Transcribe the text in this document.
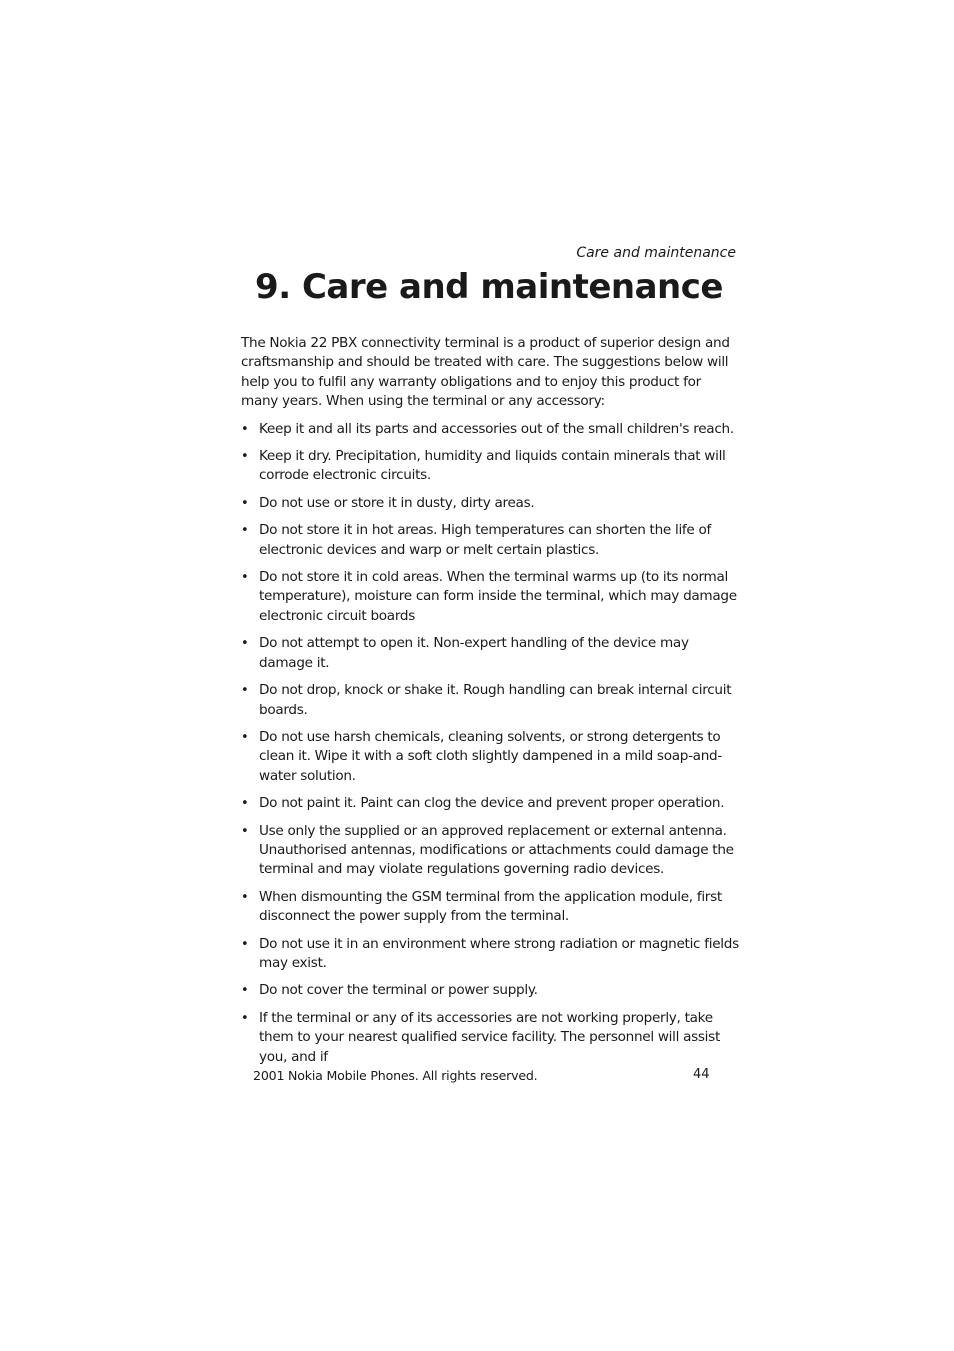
Care and maintenance
9. Care and maintenance

The Nokia 22 PBX connectivity terminal is a product of superior design and craftsmanship and should be treated with care. The suggestions below will help you to fulfil any warranty obligations and to enjoy this product for many years. When using the terminal or any accessory:

• Keep it and all its parts and accessories out of the small children's reach.
• Keep it dry. Precipitation, humidity and liquids contain minerals that will corrode electronic circuits.
• Do not use or store it in dusty, dirty areas.
• Do not store it in hot areas. High temperatures can shorten the life of electronic devices and warp or melt certain plastics.
• Do not store it in cold areas. When the terminal warms up (to its normal temperature), moisture can form inside the terminal, which may damage electronic circuit boards
• Do not attempt to open it. Non-expert handling of the device may damage it.
• Do not drop, knock or shake it. Rough handling can break internal circuit boards.
• Do not use harsh chemicals, cleaning solvents, or strong detergents to clean it. Wipe it with a soft cloth slightly dampened in a mild soap-and-water solution.
• Do not paint it. Paint can clog the device and prevent proper operation.
• Use only the supplied or an approved replacement or external antenna. Unauthorised antennas, modifications or attachments could damage the terminal and may violate regulations governing radio devices.
• When dismounting the GSM terminal from the application module, first disconnect the power supply from the terminal.
• Do not use it in an environment where strong radiation or magnetic fields may exist.
• Do not cover the terminal or power supply.
• If the terminal or any of its accessories are not working properly, take them to your nearest qualified service facility. The personnel will assist you, and if
2001 Nokia Mobile Phones. All rights reserved.	44
